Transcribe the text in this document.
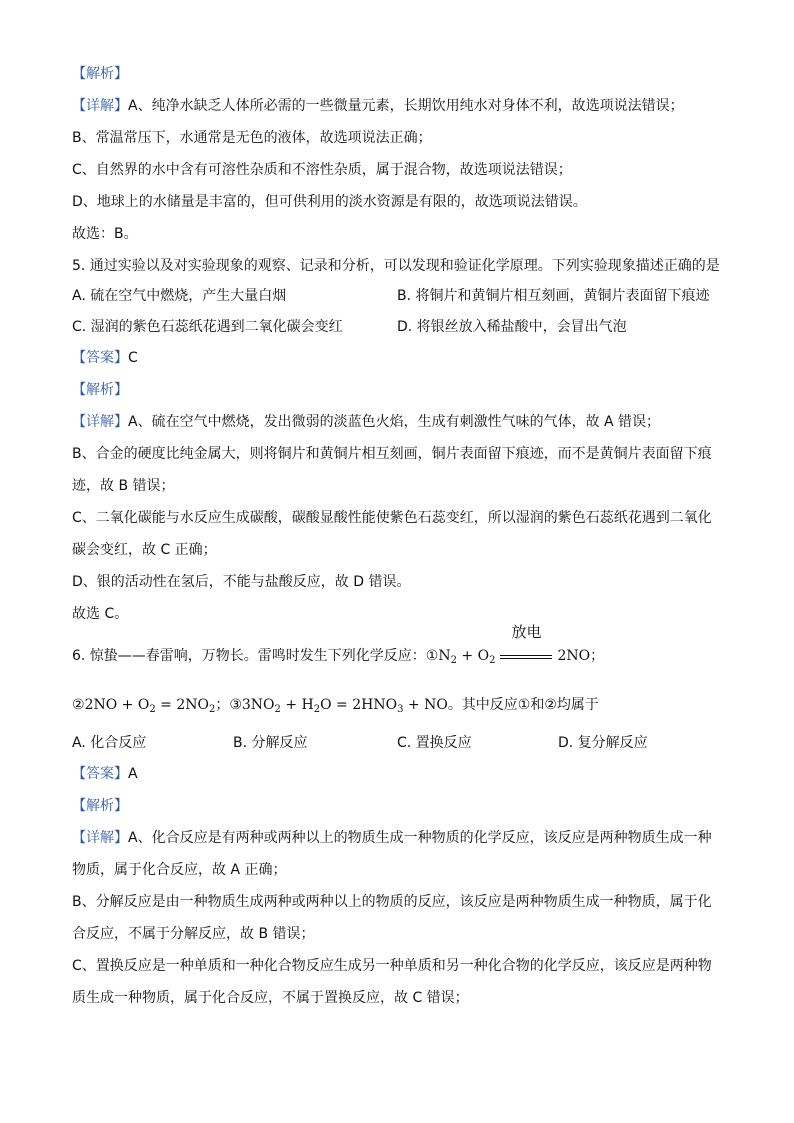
【解析】
【详解】A、纯净水缺乏人体所必需的一些微量元素，长期饮用纯水对身体不利，故选项说法错误；
B、常温常压下，水通常是无色的液体，故选项说法正确；
C、自然界的水中含有可溶性杂质和不溶性杂质，属于混合物，故选项说法错误；
D、地球上的水储量是丰富的，但可供利用的淡水资源是有限的，故选项说法错误。
故选：B。
5. 通过实验以及对实验现象的观察、记录和分析，可以发现和验证化学原理。下列实验现象描述正确的是
A. 硫在空气中燃烧，产生大量白烟	B. 将铜片和黄铜片相互刻画，黄铜片表面留下痕迹
C. 湿润的紫色石蕊纸花遇到二氧化碳会变红	D. 将银丝放入稀盐酸中，会冒出气泡
【答案】C
【解析】
【详解】A、硫在空气中燃烧，发出微弱的淡蓝色火焰，生成有刺激性气味的气体，故 A 错误；
B、合金的硬度比纯金属大，则将铜片和黄铜片相互刻画，铜片表面留下痕迹，而不是黄铜片表面留下痕
迹，故 B 错误；
C、二氧化碳能与水反应生成碳酸，碳酸显酸性能使紫色石蕊变红，所以湿润的紫色石蕊纸花遇到二氧化
碳会变红，故 C 正确；
D、银的活动性在氢后，不能与盐酸反应，故 D 错误。
故选 C。
6. 惊蛰——春雷响，万物长。雷鸣时发生下列化学反应：$①N_2 + O_2$
放电
2NO；
②2NO + $O_2 = 2NO_2$；$③3NO_2 + H_2O = 2HNO_3$ + NO。其中反应①和②均属于
A. 化合反应	B. 分解反应	C. 置换反应	D. 复分解反应
【答案】A
【解析】
【详解】A、化合反应是有两种或两种以上的物质生成一种物质的化学反应，该反应是两种物质生成一种
物质，属于化合反应，故 A 正确；
B、分解反应是由一种物质生成两种或两种以上的物质的反应，该反应是两种物质生成一种物质，属于化
合反应，不属于分解反应，故 B 错误；
C、置换反应是一种单质和一种化合物反应生成另一种单质和另一种化合物的化学反应，该反应是两种物
质生成一种物质，属于化合反应，不属于置换反应，故 C 错误；
